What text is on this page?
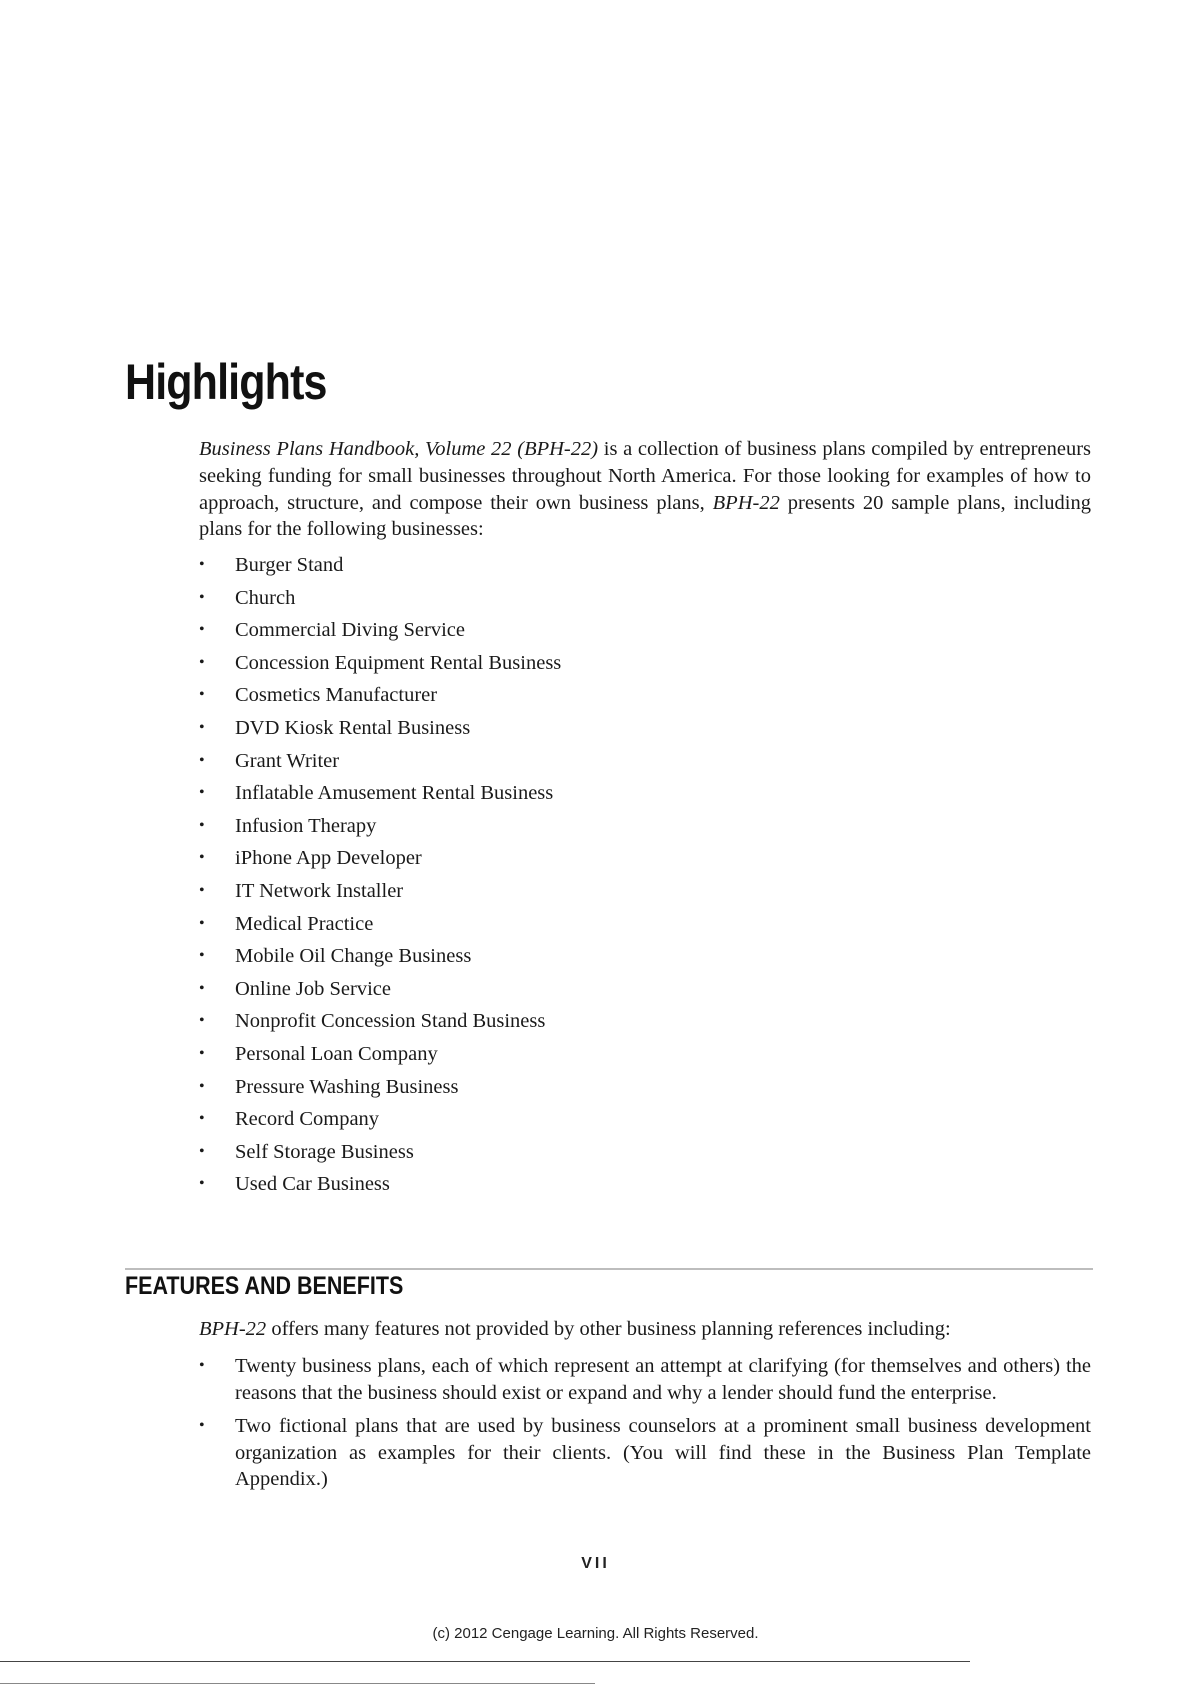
Highlights

Business Plans Handbook, Volume 22 (BPH-22) is a collection of business plans compiled by entrepreneurs seeking funding for small businesses throughout North America. For those looking for examples of how to approach, structure, and compose their own business plans, BPH-22 presents 20 sample plans, including plans for the following businesses:

• Burger Stand
• Church
• Commercial Diving Service
• Concession Equipment Rental Business
• Cosmetics Manufacturer
• DVD Kiosk Rental Business
• Grant Writer
• Inflatable Amusement Rental Business
• Infusion Therapy
• iPhone App Developer
• IT Network Installer
• Medical Practice
• Mobile Oil Change Business
• Online Job Service
• Nonprofit Concession Stand Business
• Personal Loan Company
• Pressure Washing Business
• Record Company
• Self Storage Business
• Used Car Business
FEATURES AND BENEFITS

BPH-22 offers many features not provided by other business planning references including:

• Twenty business plans, each of which represent an attempt at clarifying (for themselves and others) the reasons that the business should exist or expand and why a lender should fund the enterprise.
• Two fictional plans that are used by business counselors at a prominent small business development organization as examples for their clients. (You will find these in the Business Plan Template Appendix.)
VII
(c) 2012 Cengage Learning. All Rights Reserved.
